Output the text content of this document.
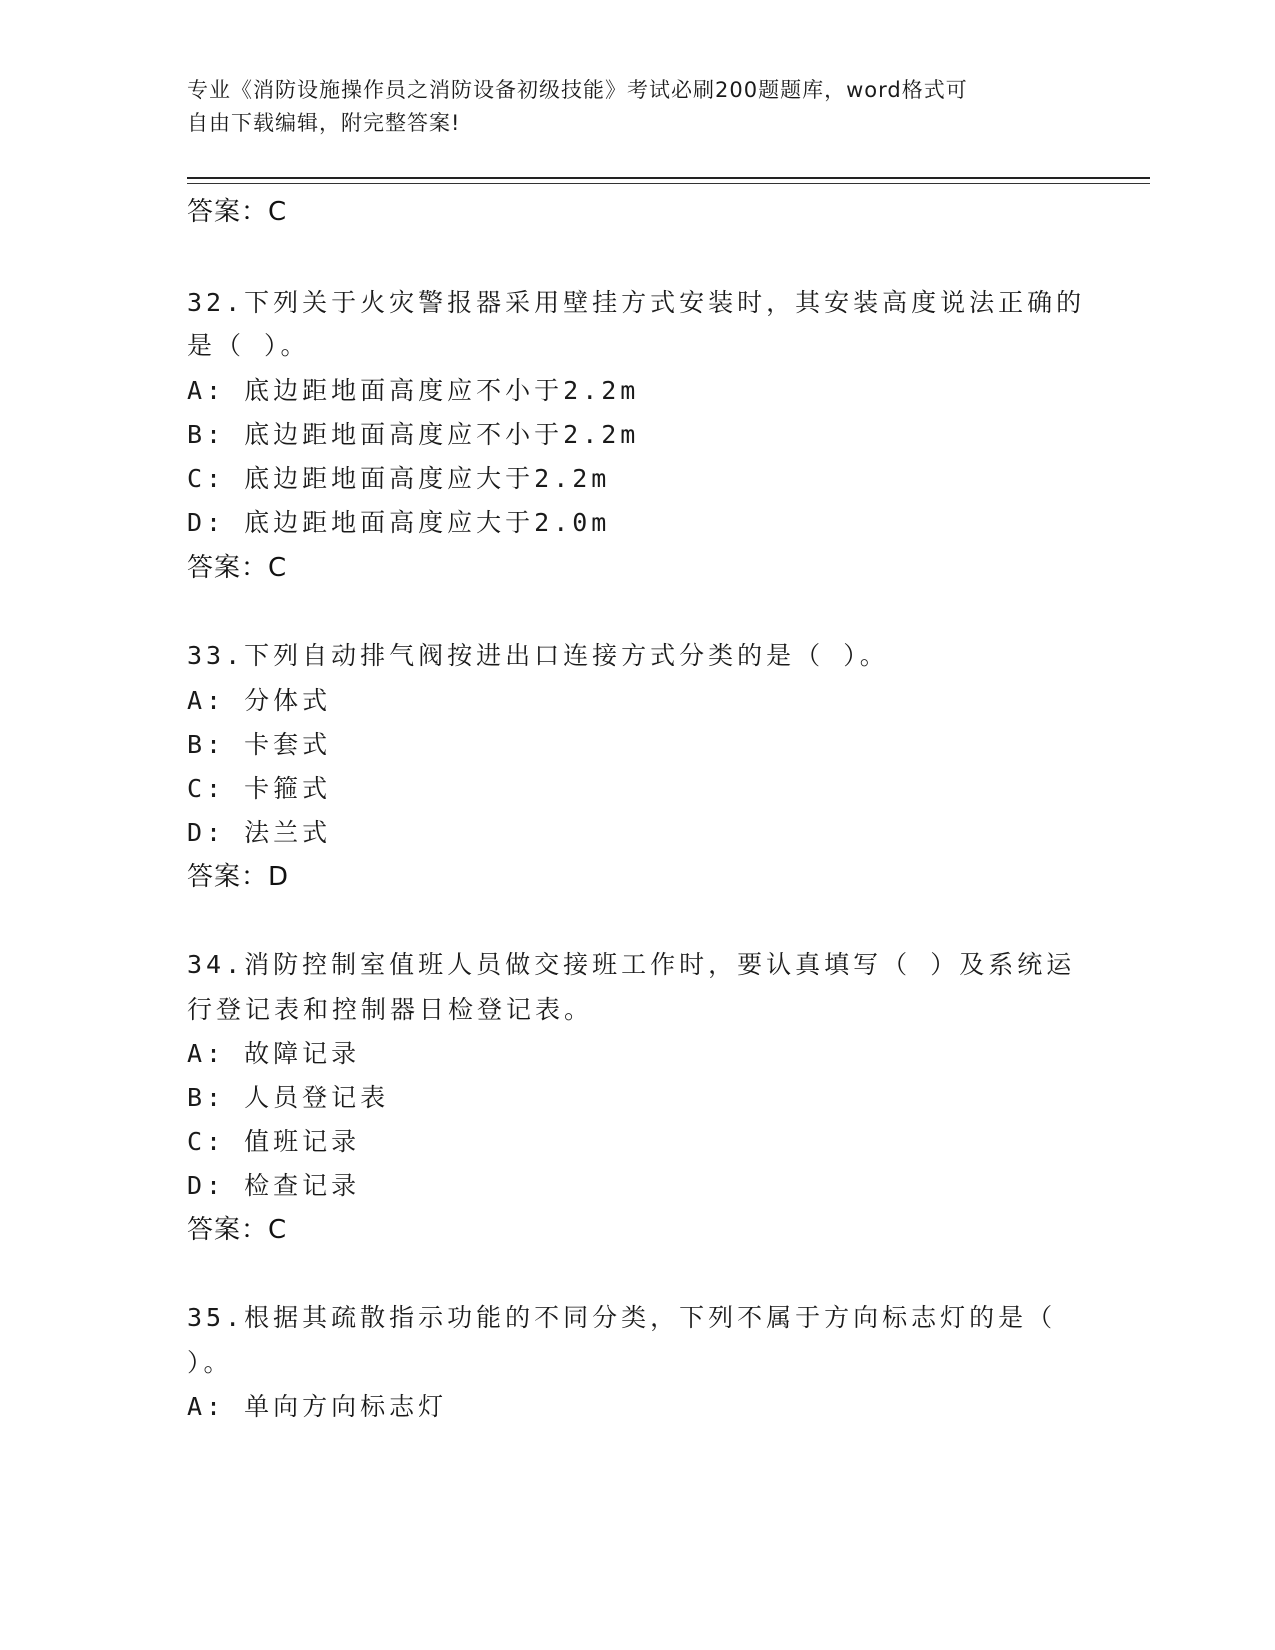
专业《消防设施操作员之消防设备初级技能》考试必刷200题题库，word格式可
自由下载编辑，附完整答案!
答案：C
32.下列关于火灾警报器采用壁挂方式安装时，其安装高度说法正确的
是（ ）。
A: 底边距地面高度应不小于2.2m
B: 底边距地面高度应不小于2.2m
C: 底边距地面高度应大于2.2m
D: 底边距地面高度应大于2.0m
答案：C
33.下列自动排气阀按进出口连接方式分类的是（ ）。
A: 分体式
B: 卡套式
C: 卡箍式
D: 法兰式
答案：D
34.消防控制室值班人员做交接班工作时，要认真填写（ ）及系统运
行登记表和控制器日检登记表。
A: 故障记录
B: 人员登记表
C: 值班记录
D: 检查记录
答案：C
35.根据其疏散指示功能的不同分类，下列不属于方向标志灯的是（
）。
A: 单向方向标志灯
